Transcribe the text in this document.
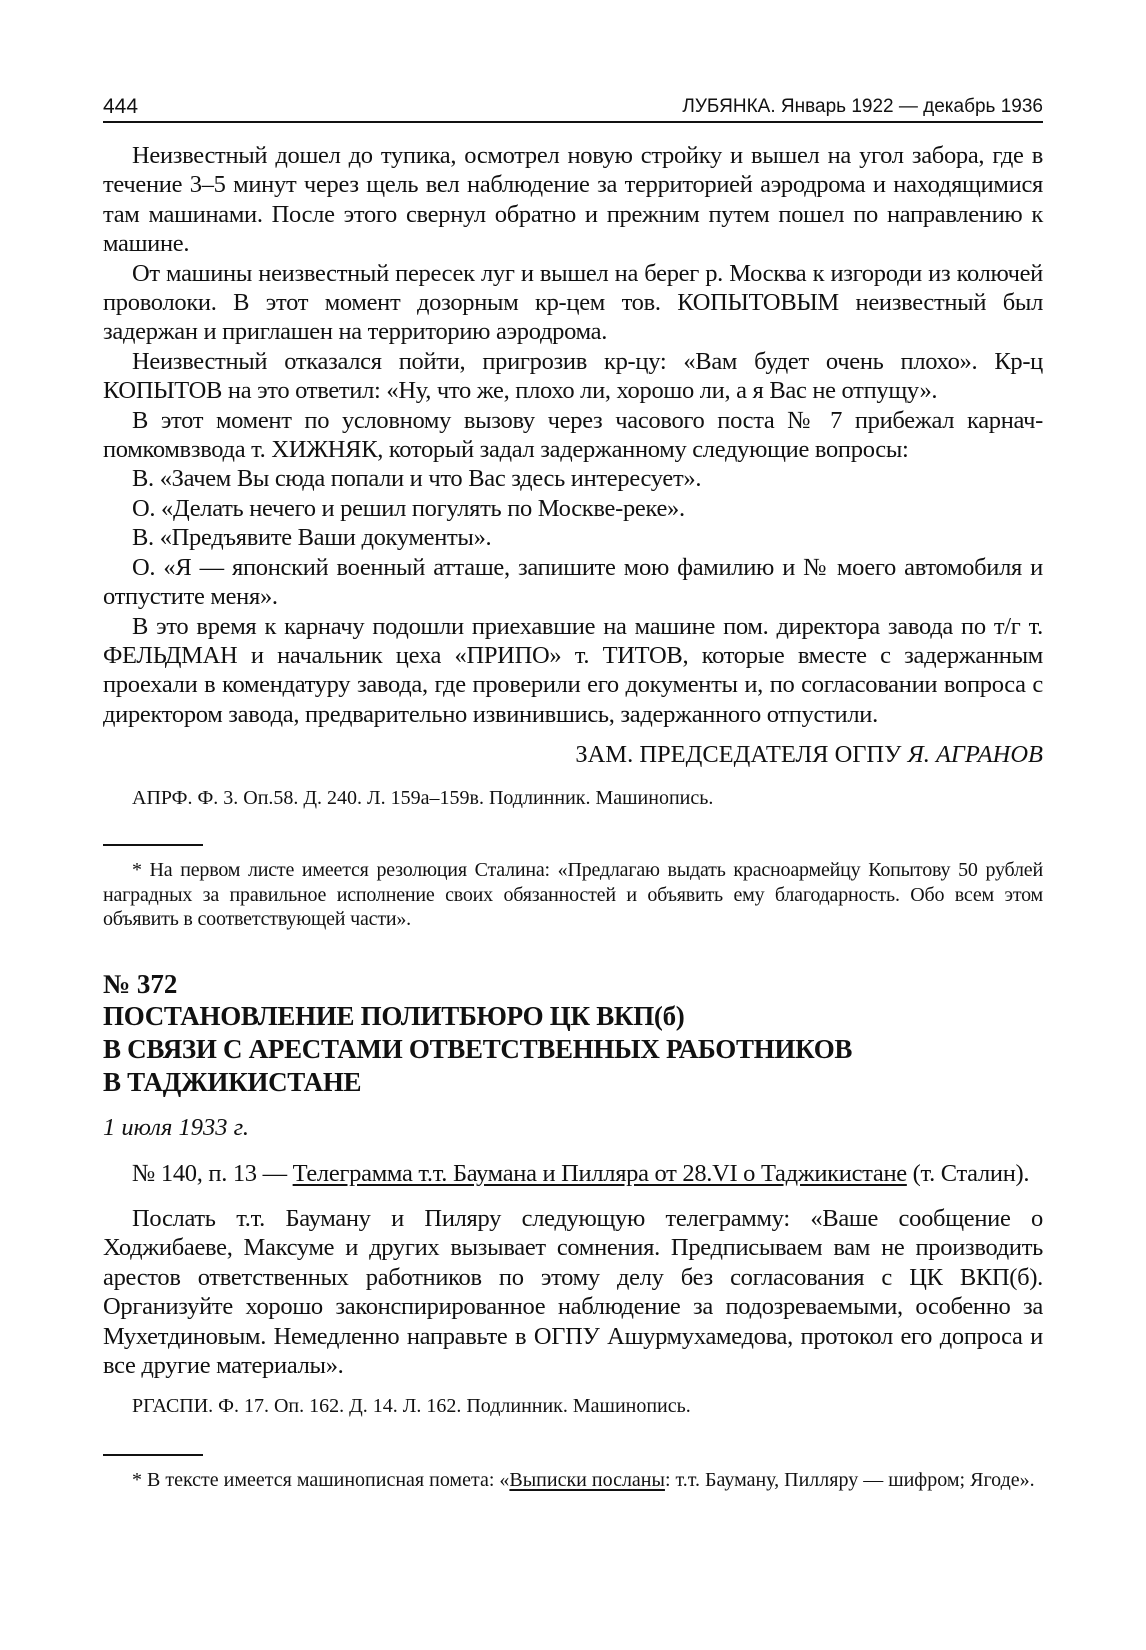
444	ЛУБЯНКА. Январь 1922 — декабрь 1936

Неизвестный дошел до тупика, осмотрел новую стройку и вышел на угол забора, где в течение 3–5 минут через щель вел наблюдение за территорией аэродрома и находящимися там машинами. После этого свернул обратно и прежним путем пошел по направлению к машине.

От машины неизвестный пересек луг и вышел на берег р. Москва к изгороди из колючей проволоки. В этот момент дозорным кр-цем тов. КОПЫТОВЫМ неизвестный был задержан и приглашен на территорию аэродрома.

Неизвестный отказался пойти, пригрозив кр-цу: «Вам будет очень плохо». Кр-ц КОПЫТОВ на это ответил: «Ну, что же, плохо ли, хорошо ли, а я Вас не отпущу».

В этот момент по условному вызову через часового поста № 7 прибежал карнач-помкомвзвода т. ХИЖНЯК, который задал задержанному следующие вопросы:

В. «Зачем Вы сюда попали и что Вас здесь интересует».

О. «Делать нечего и решил погулять по Москве-реке».

В. «Предъявите Ваши документы».

О. «Я — японский военный атташе, запишите мою фамилию и № моего автомобиля и отпустите меня».

В это время к карначу подошли приехавшие на машине пом. директора завода по т/г т. ФЕЛЬДМАН и начальник цеха «ПРИПО» т. ТИТОВ, которые вместе с задержанным проехали в комендатуру завода, где проверили его документы и, по согласовании вопроса с директором завода, предварительно извинившись, задержанного отпустили.

ЗАМ. ПРЕДСЕДАТЕЛЯ ОГПУ Я. АГРАНОВ
АПРФ. Ф. 3. Оп.58. Д. 240. Л. 159а–159в. Подлинник. Машинопись.
* На первом листе имеется резолюция Сталина: «Предлагаю выдать красноармейцу Копытову 50 рублей наградных за правильное исполнение своих обязанностей и объявить ему благодарность. Обо всем этом объявить в соответствующей части».
№ 372
ПОСТАНОВЛЕНИЕ ПОЛИТБЮРО ЦК ВКП(б)
В СВЯЗИ С АРЕСТАМИ ОТВЕТСТВЕННЫХ РАБОТНИКОВ
В ТАДЖИКИСТАНЕ
1 июля 1933 г.
№ 140, п. 13 — Телеграмма т.т. Баумана и Пилляра от 28.VI о Таджикистане (т. Сталин).
Послать т.т. Бауману и Пиляру следующую телеграмму: «Ваше сообщение о Ходжибаеве, Максуме и других вызывает сомнения. Предписываем вам не производить арестов ответственных работников по этому делу без согласования с ЦК ВКП(б). Организуйте хорошо законспирированное наблюдение за подозреваемыми, особенно за Мухетдиновым. Немедленно направьте в ОГПУ Ашурмухамедова, протокол его допроса и все другие материалы».
РГАСПИ. Ф. 17. Оп. 162. Д. 14. Л. 162. Подлинник. Машинопись.
* В тексте имеется машинописная помета: «Выписки посланы: т.т. Бауману, Пилляру — шифром; Ягоде».
